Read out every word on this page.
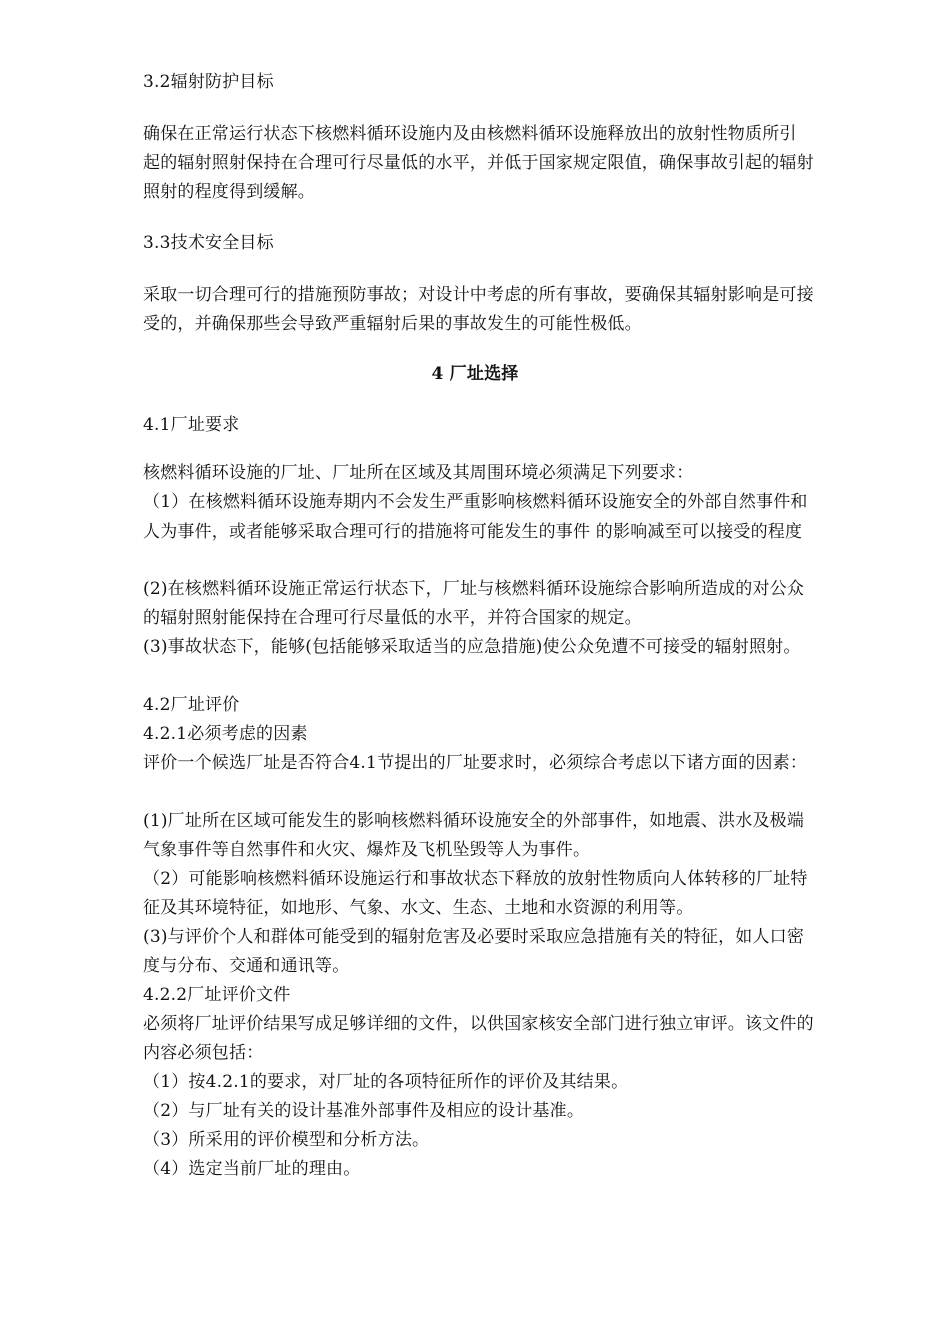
3.2辐射防护目标
确保在正常运行状态下核燃料循环设施内及由核燃料循环设施释放出的放射性物质所引
起的辐射照射保持在合理可行尽量低的水平，并低于国家规定限值，确保事故引起的辐射
照射的程度得到缓解。
3.3技术安全目标
采取一切合理可行的措施预防事故；对设计中考虑的所有事故，要确保其辐射影响是可接
受的，并确保那些会导致严重辐射后果的事故发生的可能性极低。
4 厂址选择
4.1厂址要求
核燃料循环设施的厂址、厂址所在区域及其周围环境必须满足下列要求：
（1）在核燃料循环设施寿期内不会发生严重影响核燃料循环设施安全的外部自然事件和
人为事件，或者能够采取合理可行的措施将可能发生的事件 的影响减至可以接受的程度
(2)在核燃料循环设施正常运行状态下，厂址与核燃料循环设施综合影响所造成的对公众
的辐射照射能保持在合理可行尽量低的水平，并符合国家的规定。
(3)事故状态下，能够(包括能够采取适当的应急措施)使公众免遭不可接受的辐射照射。
4.2厂址评价
4.2.1必须考虑的因素
评价一个候选厂址是否符合4.1节提出的厂址要求时，必须综合考虑以下诸方面的因素：
(1)厂址所在区域可能发生的影响核燃料循环设施安全的外部事件，如地震、洪水及极端
气象事件等自然事件和火灾、爆炸及飞机坠毁等人为事件。
（2）可能影响核燃料循环设施运行和事故状态下释放的放射性物质向人体转移的厂址特
征及其环境特征，如地形、气象、水文、生态、土地和水资源的利用等。
(3)与评价个人和群体可能受到的辐射危害及必要时采取应急措施有关的特征，如人口密
度与分布、交通和通讯等。
4.2.2厂址评价文件
必须将厂址评价结果写成足够详细的文件，以供国家核安全部门进行独立审评。该文件的
内容必须包括：
（1）按4.2.1的要求，对厂址的各项特征所作的评价及其结果。
（2）与厂址有关的设计基准外部事件及相应的设计基准。
（3）所采用的评价模型和分析方法。
（4）选定当前厂址的理由。
